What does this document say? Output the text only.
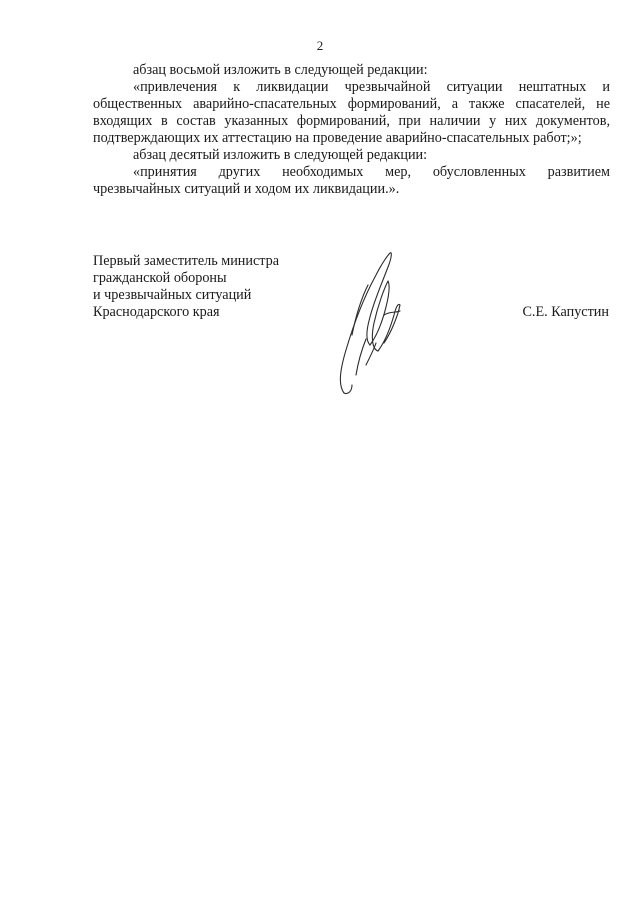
2

абзац восьмой изложить в следующей редакции:

«привлечения к ликвидации чрезвычайной ситуации нештатных и общественных аварийно-спасательных формирований, а также спасателей, не входящих в состав указанных формирований, при наличии у них документов, подтверждающих их аттестацию на проведение аварийно-спасательных работ;»;

абзац десятый изложить в следующей редакции:

«принятия других необходимых мер, обусловленных развитием чрезвычайных ситуаций и ходом их ликвидации.».

Первый заместитель министра
гражданской обороны
и чрезвычайных ситуаций
Краснодарского края	С.Е. Капустин
